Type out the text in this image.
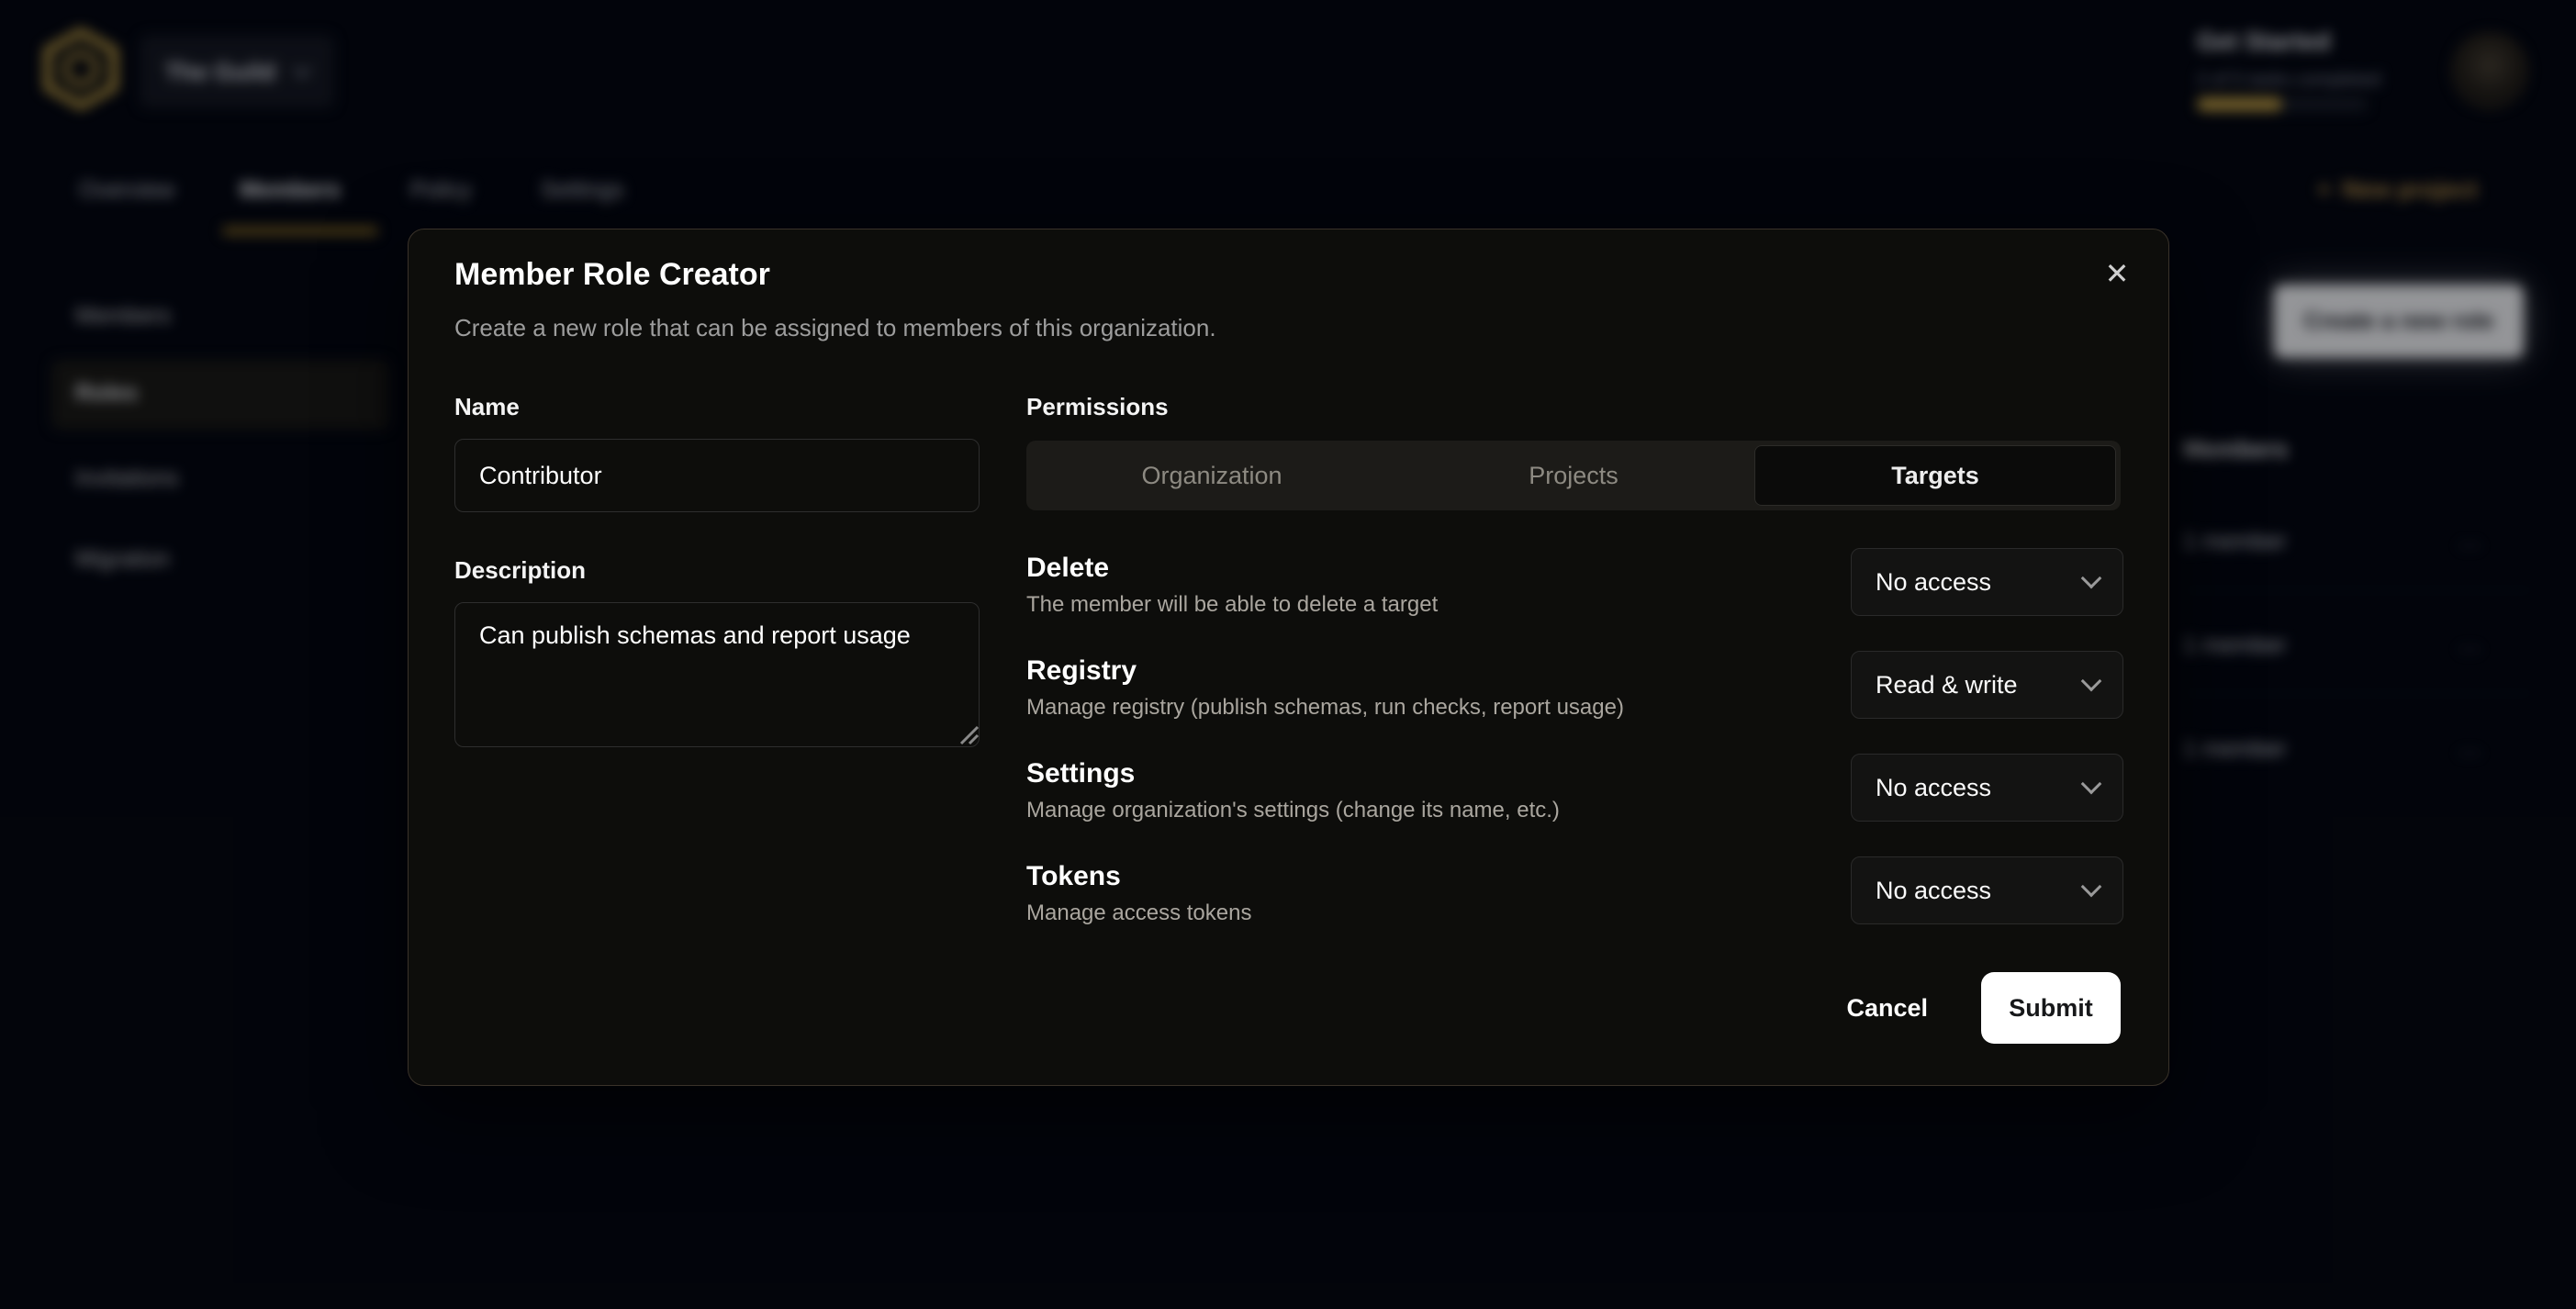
The Guild
Get Started
2 of 5 tasks completed
Overview	Members	Policy	Settings	+ New project
Members
Roles
Invitations
Migration
Create a new role
Members
1 member	⋯
1 member	⋯
1 member	⋯
✕
Member Role Creator
Create a new role that can be assigned to members of this organization.
Name
Contributor
Description
Can publish schemas and report usage
Permissions
Organization	Projects	Targets
Delete
The member will be able to delete a target
No access
Registry
Manage registry (publish schemas, run checks, report usage)
Read & write
Settings
Manage organization's settings (change its name, etc.)
No access
Tokens
Manage access tokens
No access
Cancel	Submit
